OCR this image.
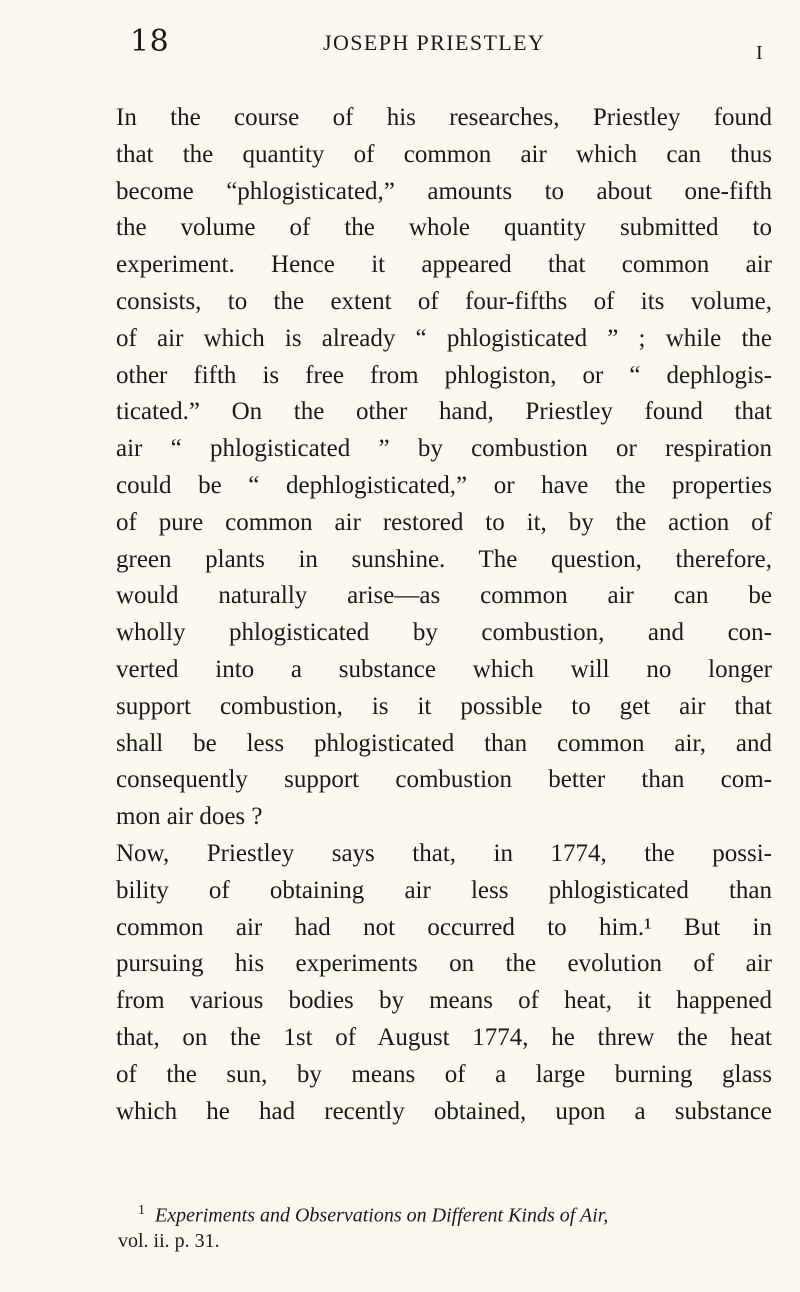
18	JOSEPH PRIESTLEY	I
In the course of his researches, Priestley found
that the quantity of common air which can thus
become “phlogisticated,” amounts to about one-fifth
the volume of the whole quantity submitted to
experiment. Hence it appeared that common air
consists, to the extent of four-fifths of its volume,
of air which is already “ phlogisticated ” ; while the
other fifth is free from phlogiston, or “ dephlogis-
ticated.” On the other hand, Priestley found that
air “ phlogisticated ” by combustion or respiration
could be “ dephlogisticated,” or have the properties
of pure common air restored to it, by the action of
green plants in sunshine. The question, therefore,
would naturally arise—as common air can be
wholly phlogisticated by combustion, and con-
verted into a substance which will no longer
support combustion, is it possible to get air that
shall be less phlogisticated than common air, and
consequently support combustion better than com-
mon air does ?
Now, Priestley says that, in 1774, the possi-
bility of obtaining air less phlogisticated than
common air had not occurred to him.¹ But in
pursuing his experiments on the evolution of air
from various bodies by means of heat, it happened
that, on the 1st of August 1774, he threw the heat
of the sun, by means of a large burning glass
which he had recently obtained, upon a substance
$^1$ Experiments and Observations on Different Kinds of Air,
vol. ii. p. 31.
